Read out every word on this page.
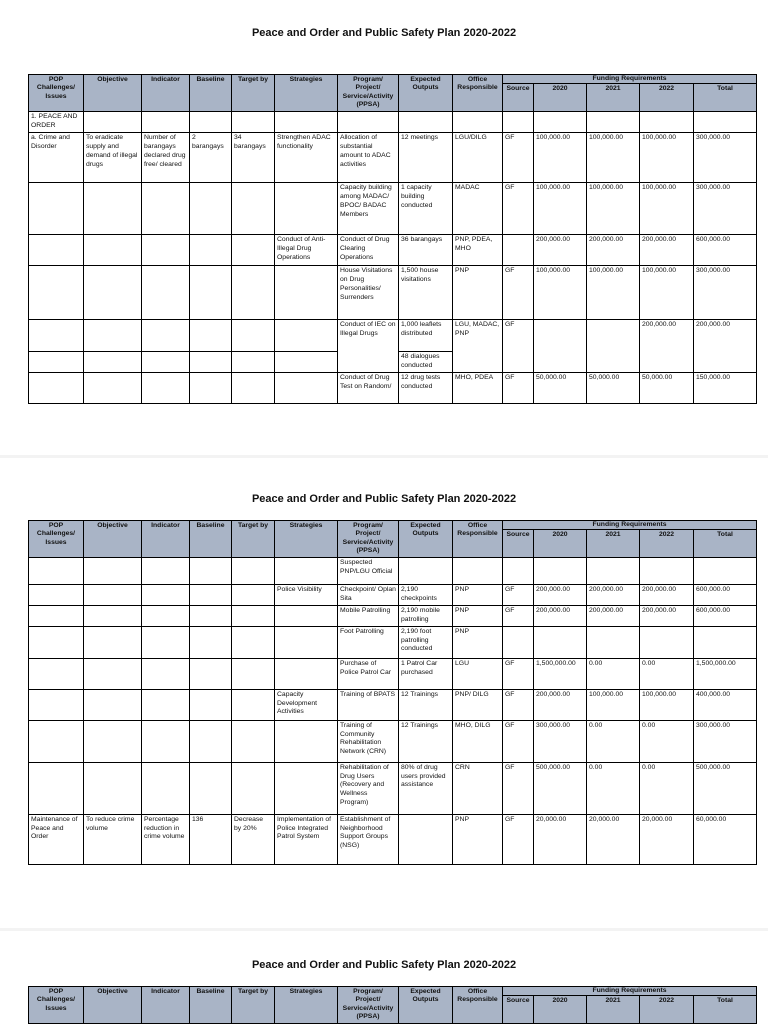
Peace and Order and Public Safety Plan 2020-2022
POP Challenges/ Issues	Objective	Indicator	Baseline	Target by	Strategies	Program/ Project/ Service/Activity (PPSA)	Expected Outputs	Office Responsible	Funding Requirements				
									Source	2020	2021	2022	Total
1. PEACE AND ORDER													
a. Crime and Disorder	To eradicate supply and demand of illegal drugs	Number of barangays declared drug free/ cleared	2 barangays	34 barangays	Strengthen ADAC functionality	Allocation of substantial amount to ADAC activities	12 meetings	LGU/DILG	GF	100,000.00	100,000.00	100,000.00	300,000.00
						Capacity building among MADAC/ BPOC/ BADAC Members	1 capacity building conducted	MADAC	GF	100,000.00	100,000.00	100,000.00	300,000.00
					Conduct of Anti-Illegal Drug Operations	Conduct of Drug Clearing Operations	36 barangays	PNP, PDEA, MHO		200,000.00	200,000.00	200,000.00	600,000.00
						House Visitations on Drug Personalities/ Surrenders	1,500 house visitations	PNP	GF	100,000.00	100,000.00	100,000.00	300,000.00
						Conduct of IEC on Illegal Drugs	1,000 leaflets distributed	LGU, MADAC, PNP	GF			200,000.00	200,000.00
							48 dialogues conducted						
						Conduct of Drug Test on Random/	12 drug tests conducted	MHO, PDEA	GF	50,000.00	50,000.00	50,000.00	150,000.00
Peace and Order and Public Safety Plan 2020-2022
POP Challenges/ Issues	Objective	Indicator	Baseline	Target by	Strategies	Program/ Project/ Service/Activity (PPSA)	Expected Outputs	Office Responsible	Funding Requirements				
									Source	2020	2021	2022	Total
						Suspected PNP/LGU Official							
					Police Visibility	Checkpoint/ Oplan Sita	2,190 checkpoints	PNP	GF	200,000.00	200,000.00	200,000.00	600,000.00
						Mobile Patrolling	2,190 mobile patrolling	PNP	GF	200,000.00	200,000.00	200,000.00	600,000.00
						Foot Patrolling	2,190 foot patrolling conducted	PNP					
						Purchase of Police Patrol Car	1 Patrol Car purchased	LGU	GF	1,500,000.00	0.00	0.00	1,500,000.00
					Capacity Development Activities	Training of BPATS	12 Trainings	PNP/ DILG	GF	200,000.00	100,000.00	100,000.00	400,000.00
						Training of Community Rehabilitation Network (CRN)	12 Trainings	MHO, DILG	GF	300,000.00	0.00	0.00	300,000.00
						Rehabilitation of Drug Users (Recovery and Wellness Program)	80% of drug users provided assistance	CRN	GF	500,000.00	0.00	0.00	500,000.00
Maintenance of Peace and Order	To reduce crime volume	Percentage reduction in crime volume	136	Decrease by 20%	Implementation of Police Integrated Patrol System	Establishment of Neighborhood Support Groups (NSG)		PNP	GF	20,000.00	20,000.00	20,000.00	60,000.00
Peace and Order and Public Safety Plan 2020-2022
POP Challenges/ Issues	Objective	Indicator	Baseline	Target by	Strategies	Program/ Project/ Service/Activity (PPSA)	Expected Outputs	Office Responsible	Funding Requirements				
									Source	2020	2021	2022	Total
